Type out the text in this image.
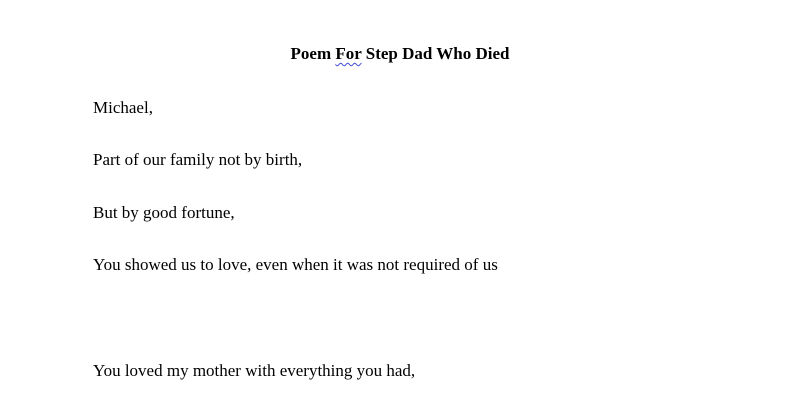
Poem For Step Dad Who Died

Michael,

Part of our family not by birth,

But by good fortune,

You showed us to love, even when it was not required of us

You loved my mother with everything you had,
